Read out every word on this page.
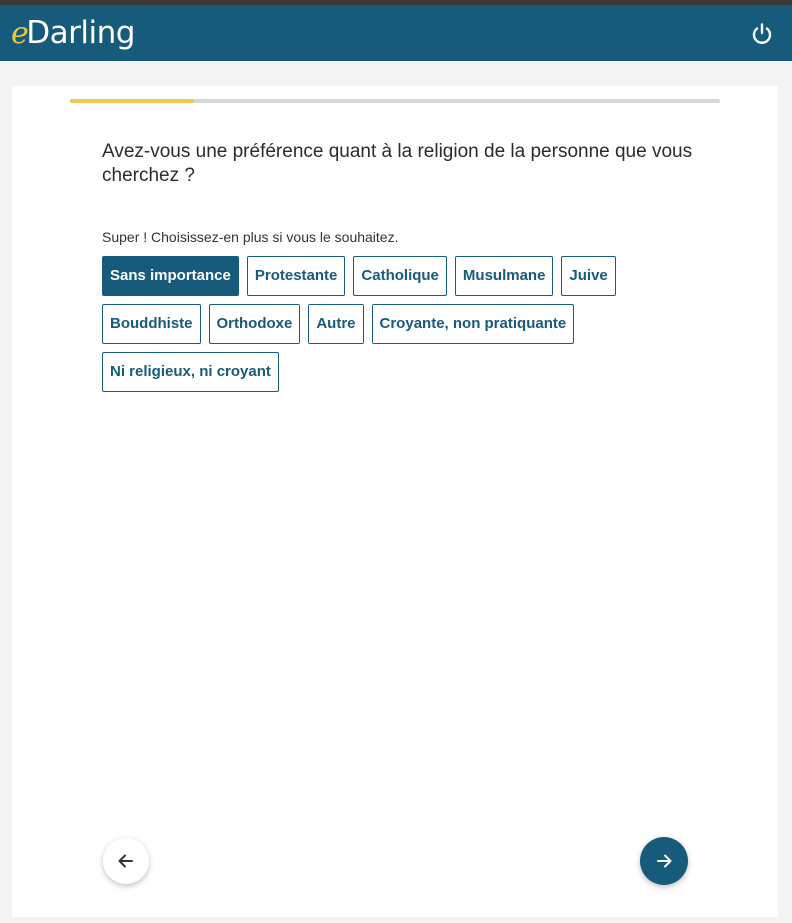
eDarling
Avez-vous une préférence quant à la religion de la personne que vous cherchez ?
Super ! Choisissez-en plus si vous le souhaitez.
Sans importance	Protestante	Catholique	Musulmane	Juive
Bouddhiste	Orthodoxe	Autre	Croyante, non pratiquante
Ni religieux, ni croyant
